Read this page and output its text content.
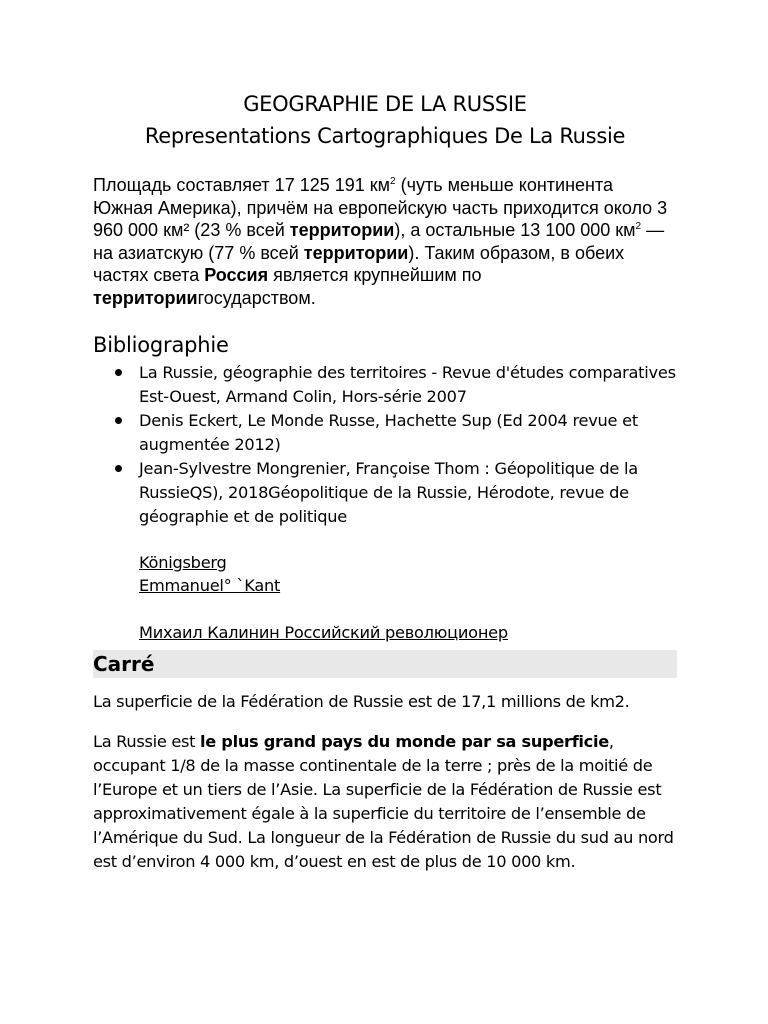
GEOGRAPHIE DE LA RUSSIE
Representations Cartographiques De La Russie

Площадь составляет 17 125 191 $км^2$ (чуть меньше континента Южная Америка), причём на европейскую часть приходится около 3 960 000 км² (23 % всей территории), а остальные 13 100 000 $км^2$ — на азиатскую (77 % всей территории). Таким образом, в обеих частях света Россия является крупнейшим по территориигосударством.

Bibliographie
La Russie, géographie des territoires - Revue d'études comparatives Est-Ouest, Armand Colin, Hors-série 2007
Denis Eckert, Le Monde Russe, Hachette Sup (Ed 2004 revue et augmentée 2012)
Jean-Sylvestre Mongrenier, Françoise Thom : Géopolitique de la RussieQS), 2018Géopolitique de la Russie, Hérodote, revue de géographie et de politique
Königsberg
Emmanuel° `Kant
Михаил Калинин Российский революционер
Carré

La superficie de la Fédération de Russie est de 17,1 millions de km2.

La Russie est le plus grand pays du monde par sa superficie, occupant 1/8 de la masse continentale de la terre ; près de la moitié de l’Europe et un tiers de l’Asie. La superficie de la Fédération de Russie est approximativement égale à la superficie du territoire de l’ensemble de l’Amérique du Sud. La longueur de la Fédération de Russie du sud au nord est d’environ 4 000 km, d’ouest en est de plus de 10 000 km.
